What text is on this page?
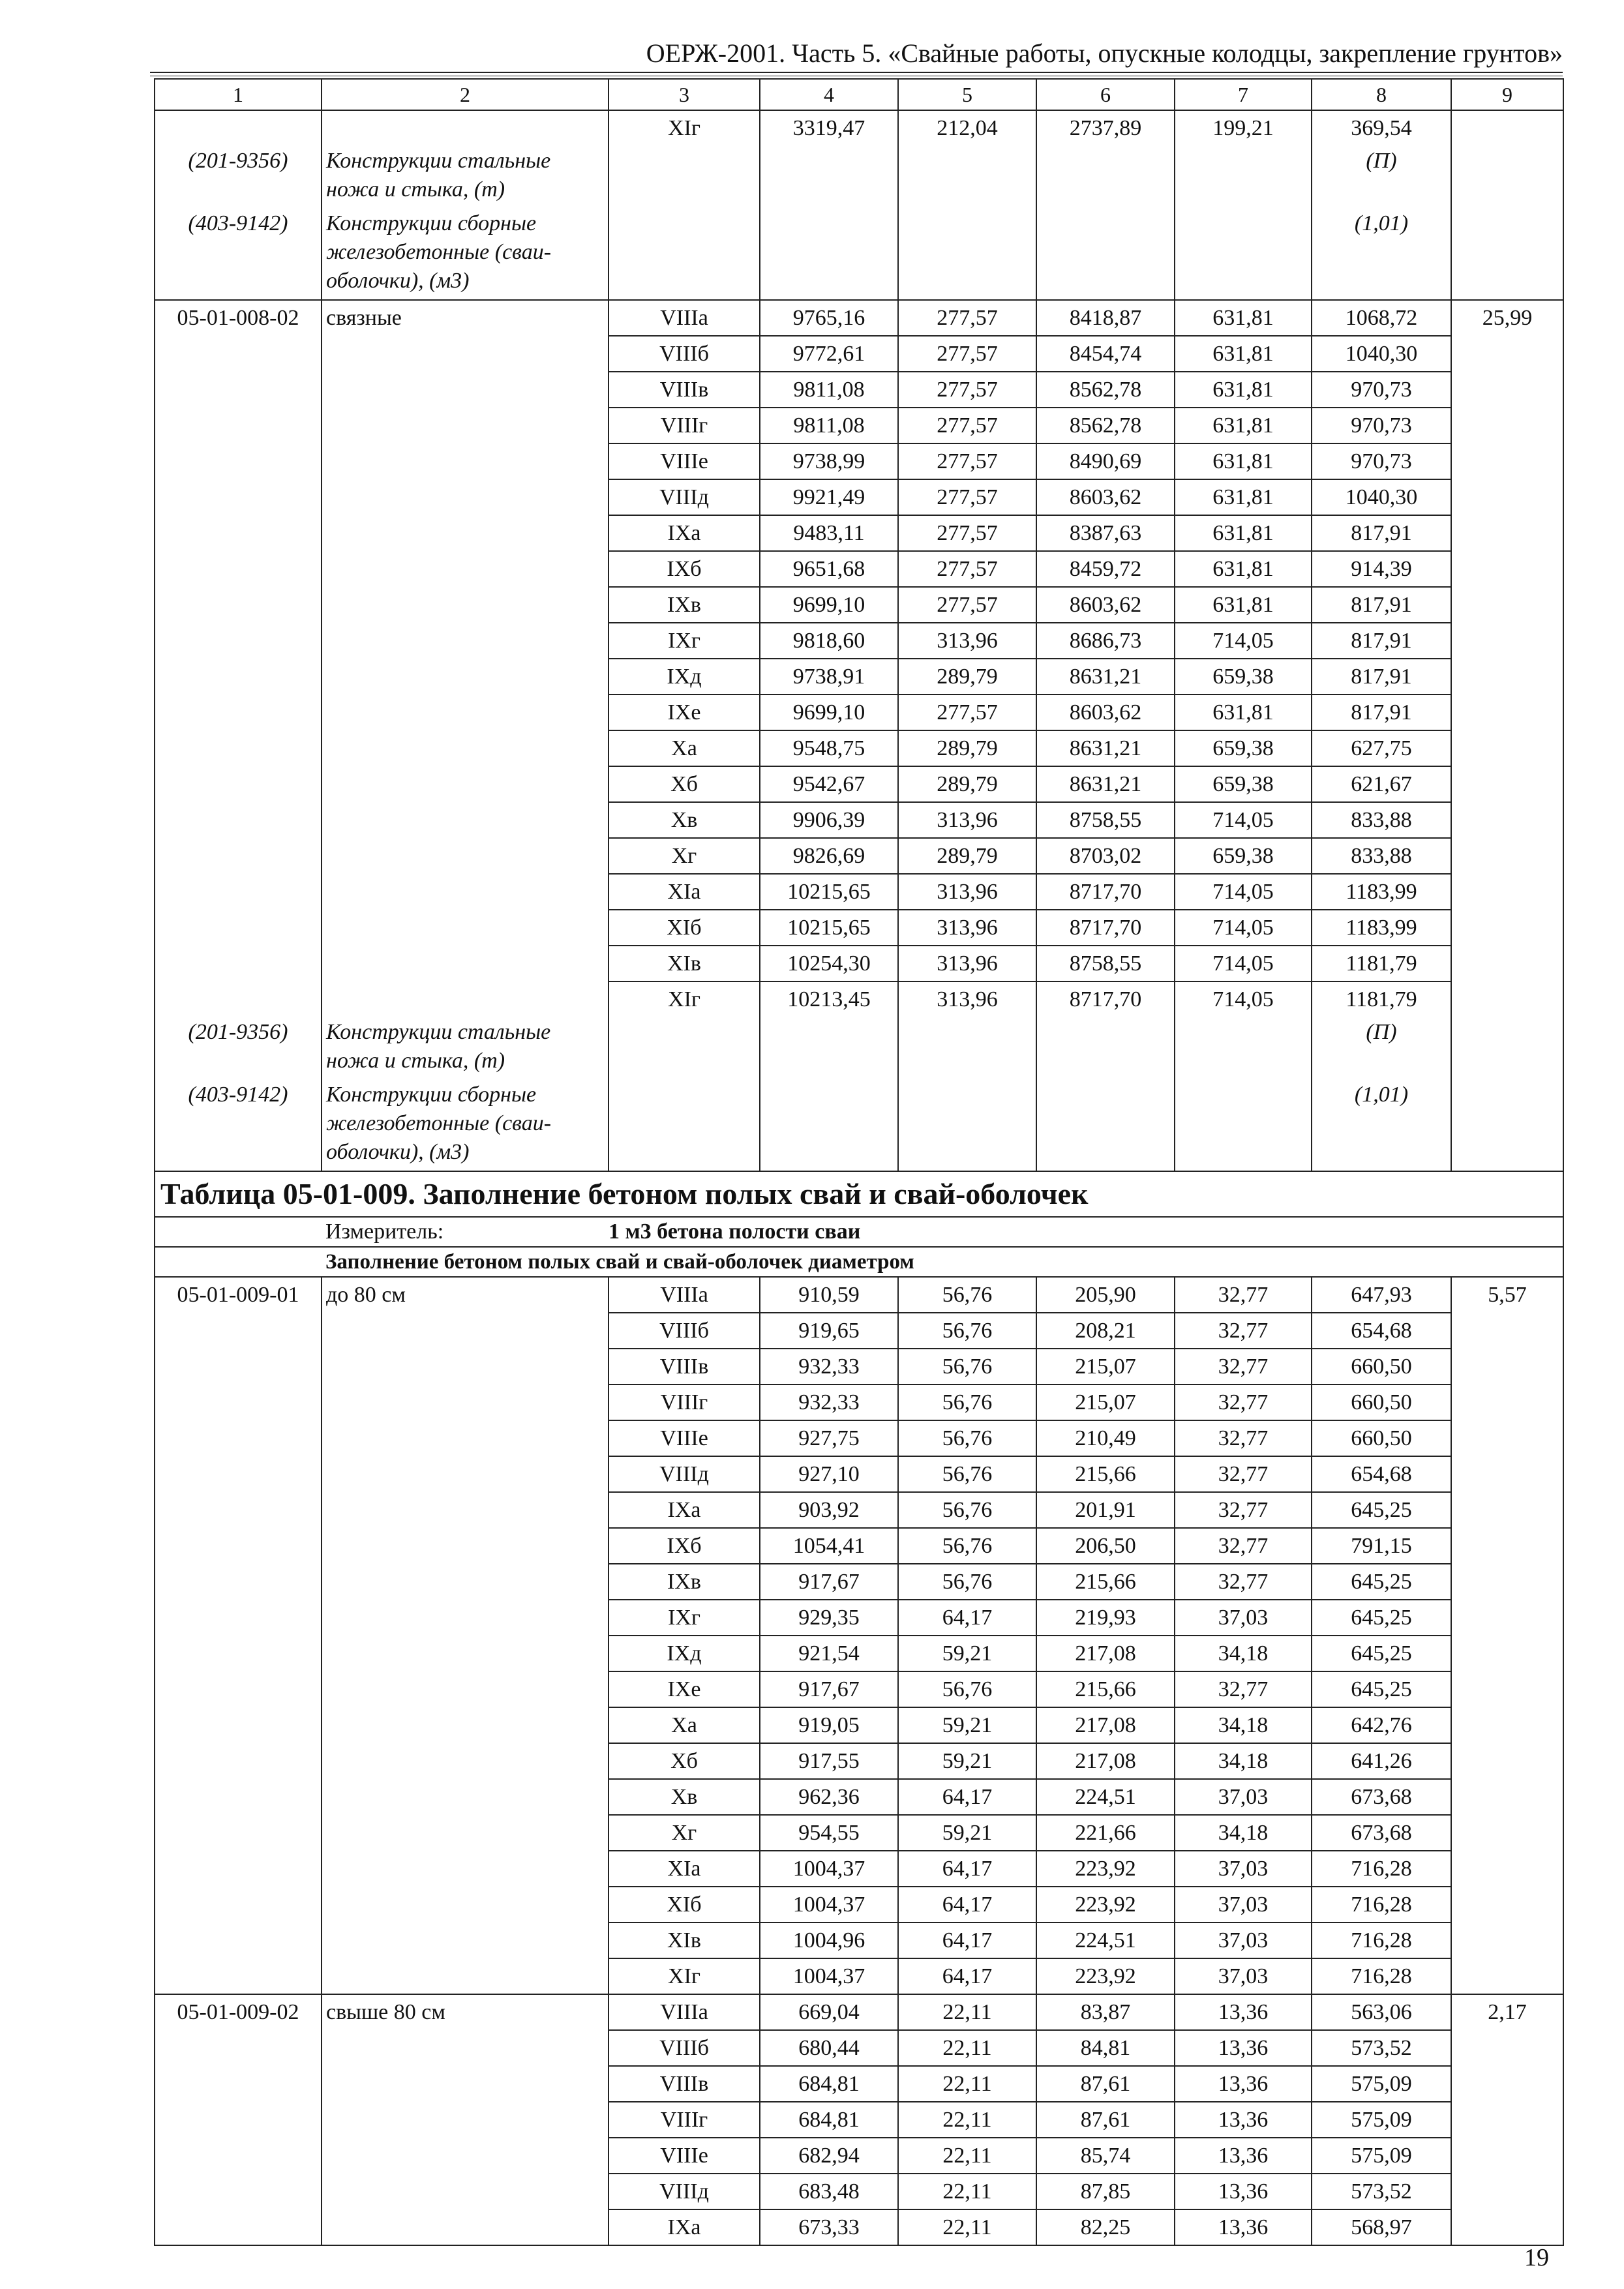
ОЕРЖ-2001. Часть 5. «Свайные работы, опускные колодцы, закрепление грунтов»
1	2	3	4	5	6	7	8	9
		XIг	3319,47	212,04	2737,89	199,21	369,54	
(201-9356)	Конструкции стальные ножа и стыка, (т)						(П)	
(403-9142)	Конструкции сборные железобетонные (сваи-оболочки), (м3)						(1,01)	
05-01-008-02	связные	VIIIа	9765,16	277,57	8418,87	631,81	1068,72	25,99
		VIIIб	9772,61	277,57	8454,74	631,81	1040,30	
		VIIIв	9811,08	277,57	8562,78	631,81	970,73	
		VIIIг	9811,08	277,57	8562,78	631,81	970,73	
		VIIIе	9738,99	277,57	8490,69	631,81	970,73	
		VIIIд	9921,49	277,57	8603,62	631,81	1040,30	
		IXа	9483,11	277,57	8387,63	631,81	817,91	
		IXб	9651,68	277,57	8459,72	631,81	914,39	
		IXв	9699,10	277,57	8603,62	631,81	817,91	
		IXг	9818,60	313,96	8686,73	714,05	817,91	
		IXд	9738,91	289,79	8631,21	659,38	817,91	
		IXе	9699,10	277,57	8603,62	631,81	817,91	
		Xа	9548,75	289,79	8631,21	659,38	627,75	
		Xб	9542,67	289,79	8631,21	659,38	621,67	
		Xв	9906,39	313,96	8758,55	714,05	833,88	
		Xг	9826,69	289,79	8703,02	659,38	833,88	
		XIа	10215,65	313,96	8717,70	714,05	1183,99	
		XIб	10215,65	313,96	8717,70	714,05	1183,99	
		XIв	10254,30	313,96	8758,55	714,05	1181,79	
		XIг	10213,45	313,96	8717,70	714,05	1181,79	
(201-9356)	Конструкции стальные ножа и стыка, (т)						(П)	
(403-9142)	Конструкции сборные железобетонные (сваи-оболочки), (м3)						(1,01)	
Таблица 05-01-009. Заполнение бетоном полых свай и свай-оболочек								
	Измеритель:	1 м3 бетона полости сваи						
	Заполнение бетоном полых свай и свай-оболочек диаметром							
05-01-009-01	до 80 см	VIIIа	910,59	56,76	205,90	32,77	647,93	5,57
		VIIIб	919,65	56,76	208,21	32,77	654,68	
		VIIIв	932,33	56,76	215,07	32,77	660,50	
		VIIIг	932,33	56,76	215,07	32,77	660,50	
		VIIIе	927,75	56,76	210,49	32,77	660,50	
		VIIIд	927,10	56,76	215,66	32,77	654,68	
		IXа	903,92	56,76	201,91	32,77	645,25	
		IXб	1054,41	56,76	206,50	32,77	791,15	
		IXв	917,67	56,76	215,66	32,77	645,25	
		IXг	929,35	64,17	219,93	37,03	645,25	
		IXд	921,54	59,21	217,08	34,18	645,25	
		IXе	917,67	56,76	215,66	32,77	645,25	
		Xа	919,05	59,21	217,08	34,18	642,76	
		Xб	917,55	59,21	217,08	34,18	641,26	
		Xв	962,36	64,17	224,51	37,03	673,68	
		Xг	954,55	59,21	221,66	34,18	673,68	
		XIа	1004,37	64,17	223,92	37,03	716,28	
		XIб	1004,37	64,17	223,92	37,03	716,28	
		XIв	1004,96	64,17	224,51	37,03	716,28	
		XIг	1004,37	64,17	223,92	37,03	716,28	
05-01-009-02	свыше 80 см	VIIIа	669,04	22,11	83,87	13,36	563,06	2,17
		VIIIб	680,44	22,11	84,81	13,36	573,52	
		VIIIв	684,81	22,11	87,61	13,36	575,09	
		VIIIг	684,81	22,11	87,61	13,36	575,09	
		VIIIе	682,94	22,11	85,74	13,36	575,09	
		VIIIд	683,48	22,11	87,85	13,36	573,52	
		IXа	673,33	22,11	82,25	13,36	568,97	
19
